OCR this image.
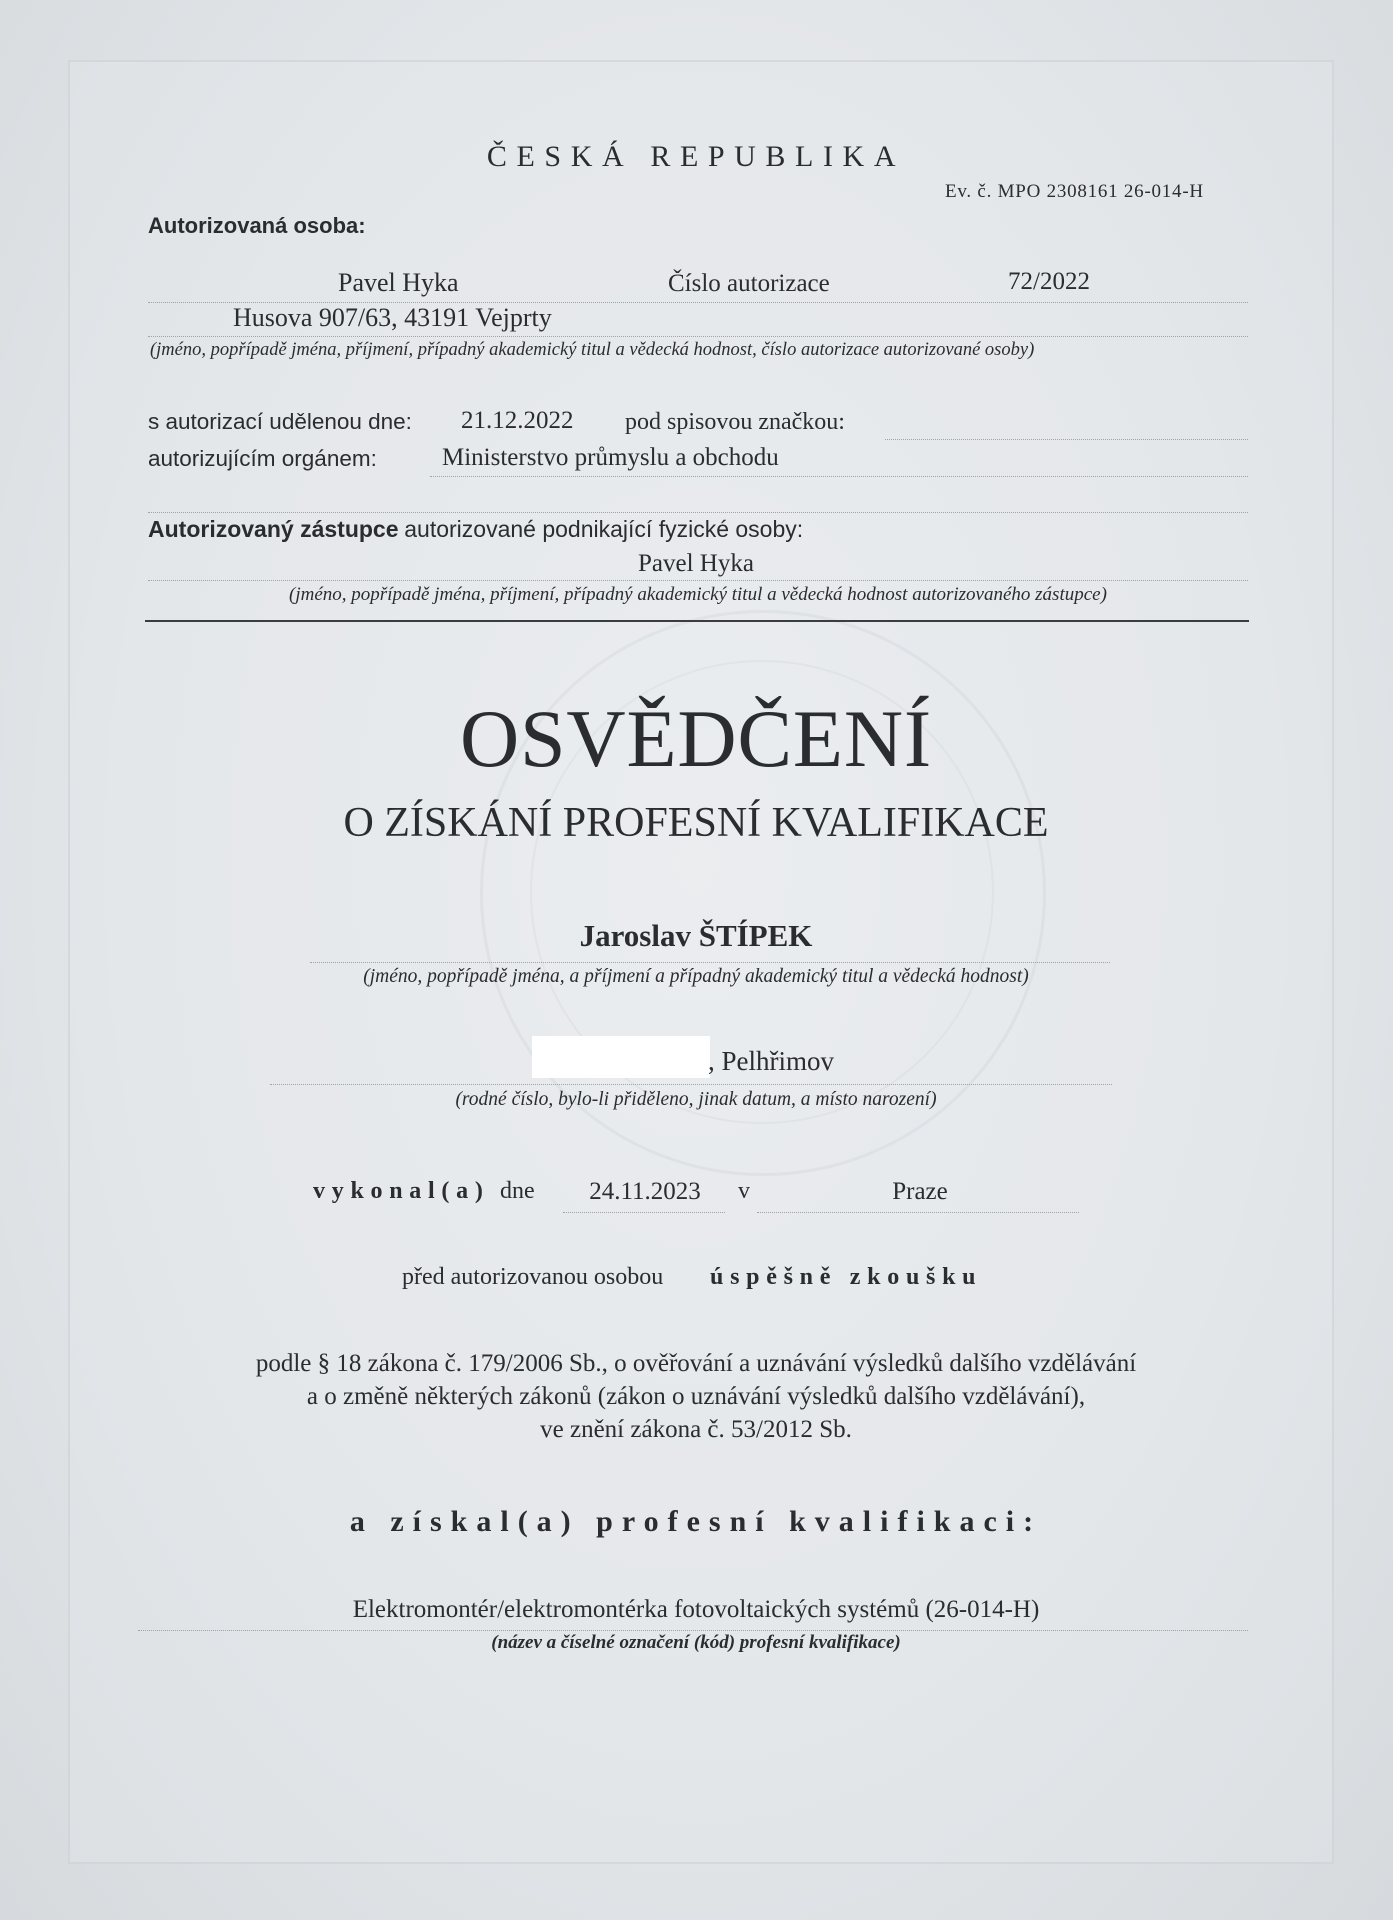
ČESKÁ REPUBLIKA
Ev. č. MPO 2308161 26-014-H
Autorizovaná osoba:
Pavel Hyka	Číslo autorizace	72/2022
Husova 907/63, 43191 Vejprty
(jméno, popřípadě jména, příjmení, případný akademický titul a vědecká hodnost, číslo autorizace autorizované osoby)
s autorizací udělenou dne: 21.12.2022 pod spisovou značkou:
autorizujícím orgánem:	Ministerstvo průmyslu a obchodu
Autorizovaný zástupce autorizované podnikající fyzické osoby:
Pavel Hyka
(jméno, popřípadě jména, příjmení, případný akademický titul a vědecká hodnost autorizovaného zástupce)
OSVĚDČENÍ
O ZÍSKÁNÍ PROFESNÍ KVALIFIKACE
Jaroslav ŠTÍPEK
(jméno, popřípadě jména, a příjmení a případný akademický titul a vědecká hodnost)
, Pelhřimov
(rodné číslo, bylo-li přiděleno, jinak datum, a místo narození)
vykonal(a) dne	24.11.2023	v	Praze
před autorizovanou osobou úspěšně zkoušku
podle § 18 zákona č. 179/2006 Sb., o ověřování a uznávání výsledků dalšího vzdělávání
a o změně některých zákonů (zákon o uznávání výsledků dalšího vzdělávání),
ve znění zákona č. 53/2012 Sb.
a získal(a) profesní kvalifikaci:
Elektromontér/elektromontérka fotovoltaických systémů (26-014-H)
(název a číselné označení (kód) profesní kvalifikace)
